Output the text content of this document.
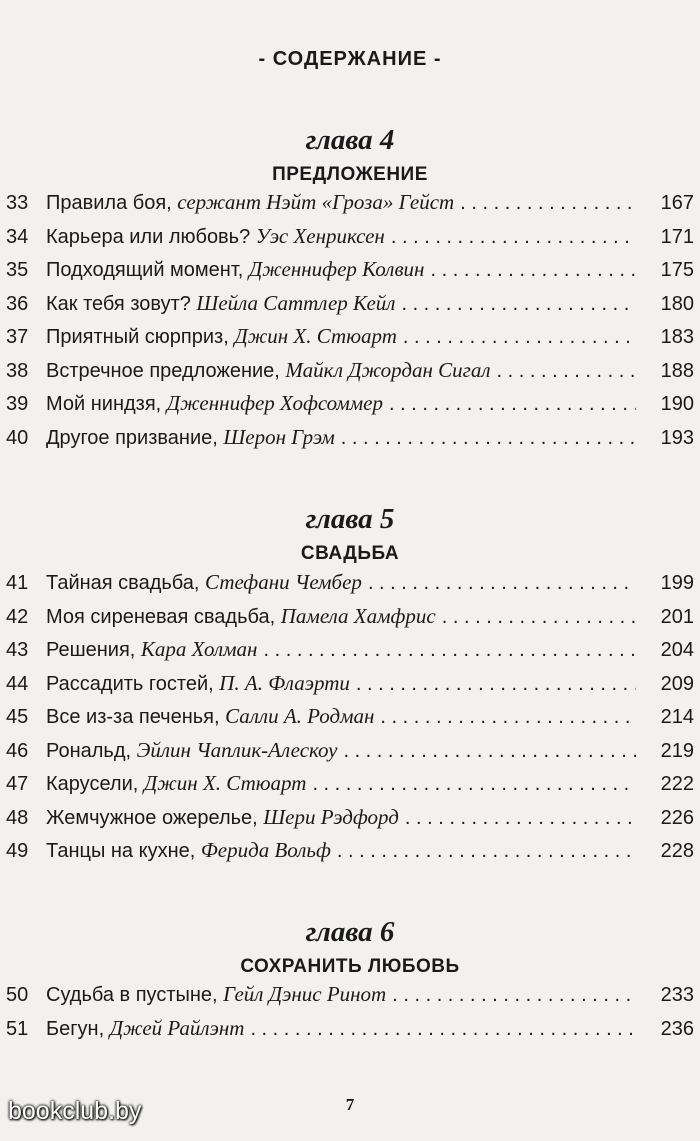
- СОДЕРЖАНИЕ -
глава 4
ПРЕДЛОЖЕНИЕ
33 Правила боя, сержант Нэйт «Гроза» Гейст . . .	167
34 Карьера или любовь? Уэс Хенриксен . . .	171
35 Подходящий момент, Дженнифер Колвин . . .	175
36 Как тебя зовут? Шейла Саттлер Кейл . . .	180
37 Приятный сюрприз, Джин Х. Стюарт . . .	183
38 Встречное предложение, Майкл Джордан Сигал . . .	188
39 Мой ниндзя, Дженнифер Хофсоммер . . .	190
40 Другое призвание, Шерон Грэм . . .	193
глава 5
СВАДЬБА
41 Тайная свадьба, Стефани Чембер . . .	199
42 Моя сиреневая свадьба, Памела Хамфрис . . .	201
43 Решения, Кара Холман . . .	204
44 Рассадить гостей, П. А. Флаэрти . . .	209
45 Все из-за печенья, Салли А. Родман . . .	214
46 Рональд, Эйлин Чаплик-Алескоу . . .	219
47 Карусели, Джин Х. Стюарт . . .	222
48 Жемчужное ожерелье, Шери Рэдфорд . . .	226
49 Танцы на кухне, Ферида Вольф . . .	228
глава 6
СОХРАНИТЬ ЛЮБОВЬ
50 Судьба в пустыне, Гейл Дэнис Ринот . . .	233
51 Бегун, Джей Райлэнт . . .	236
7
bookclub.by
